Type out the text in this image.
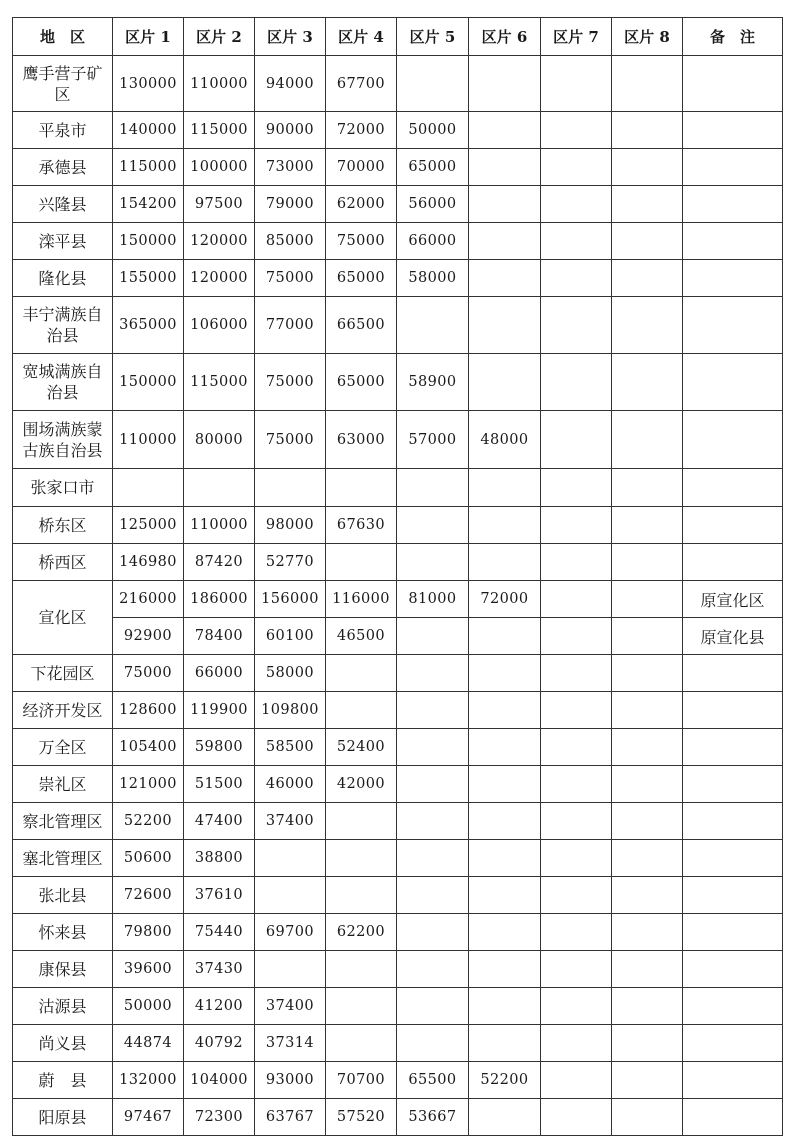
地　区	区片 1	区片 2	区片 3	区片 4	区片 5	区片 6	区片 7	区片 8	备　注
鹰手营子矿区	130000	110000	94000	67700					
平泉市	140000	115000	90000	72000	50000				
承德县	115000	100000	73000	70000	65000				
兴隆县	154200	97500	79000	62000	56000				
滦平县	150000	120000	85000	75000	66000				
隆化县	155000	120000	75000	65000	58000				
丰宁满族自治县	365000	106000	77000	66500					
宽城满族自治县	150000	115000	75000	65000	58900				
围场满族蒙古族自治县	110000	80000	75000	63000	57000	48000			
张家口市									
桥东区	125000	110000	98000	67630					
桥西区	146980	87420	52770						
宣化区	216000	186000	156000	116000	81000	72000			原宣化区
	92900	78400	60100	46500					原宣化县
下花园区	75000	66000	58000						
经济开发区	128600	119900	109800						
万全区	105400	59800	58500	52400					
崇礼区	121000	51500	46000	42000					
察北管理区	52200	47400	37400						
塞北管理区	50600	38800							
张北县	72600	37610							
怀来县	79800	75440	69700	62200					
康保县	39600	37430							
沽源县	50000	41200	37400						
尚义县	44874	40792	37314						
蔚　县	132000	104000	93000	70700	65500	52200			
阳原县	97467	72300	63767	57520	53667				
